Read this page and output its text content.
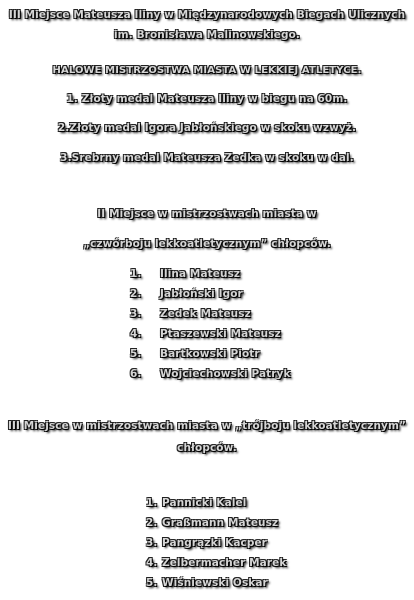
III Miejsce Mateusza Iliny w Międzynarodowych Biegach Ulicznych
im. Bronisława Malinowskiego.
HALOWE MISTRZOSTWA MIASTA W LEKKIEJ ATLETYCE.
1. Złoty medal Mateusza Iliny w biegu na 60m.
2.Złoty medal Igora Jabłońskiego w skoku wzwyż.
3.Srebrny medal Mateusza Zedka w skoku w dal.
II Miejsce w mistrzostwach miasta w
„czwórboju lekkoatletycznym” chłopców.
1.	Ilina Mateusz
2.	Jabłoński Igor
3.	Zedek Mateusz
4.	Ptaszewski Mateusz
5.	Bartkowski Piotr
6.	Wojciechowski Patryk
III Miejsce w mistrzostwach miasta w „trójboju lekkoatletycznym”
chłopców.
1. Pannicki Kalel
2. Graßmann Mateusz
3. Pangrązki Kacper
4. Zelbermacher Marek
5. Wiśniewski Oskar
